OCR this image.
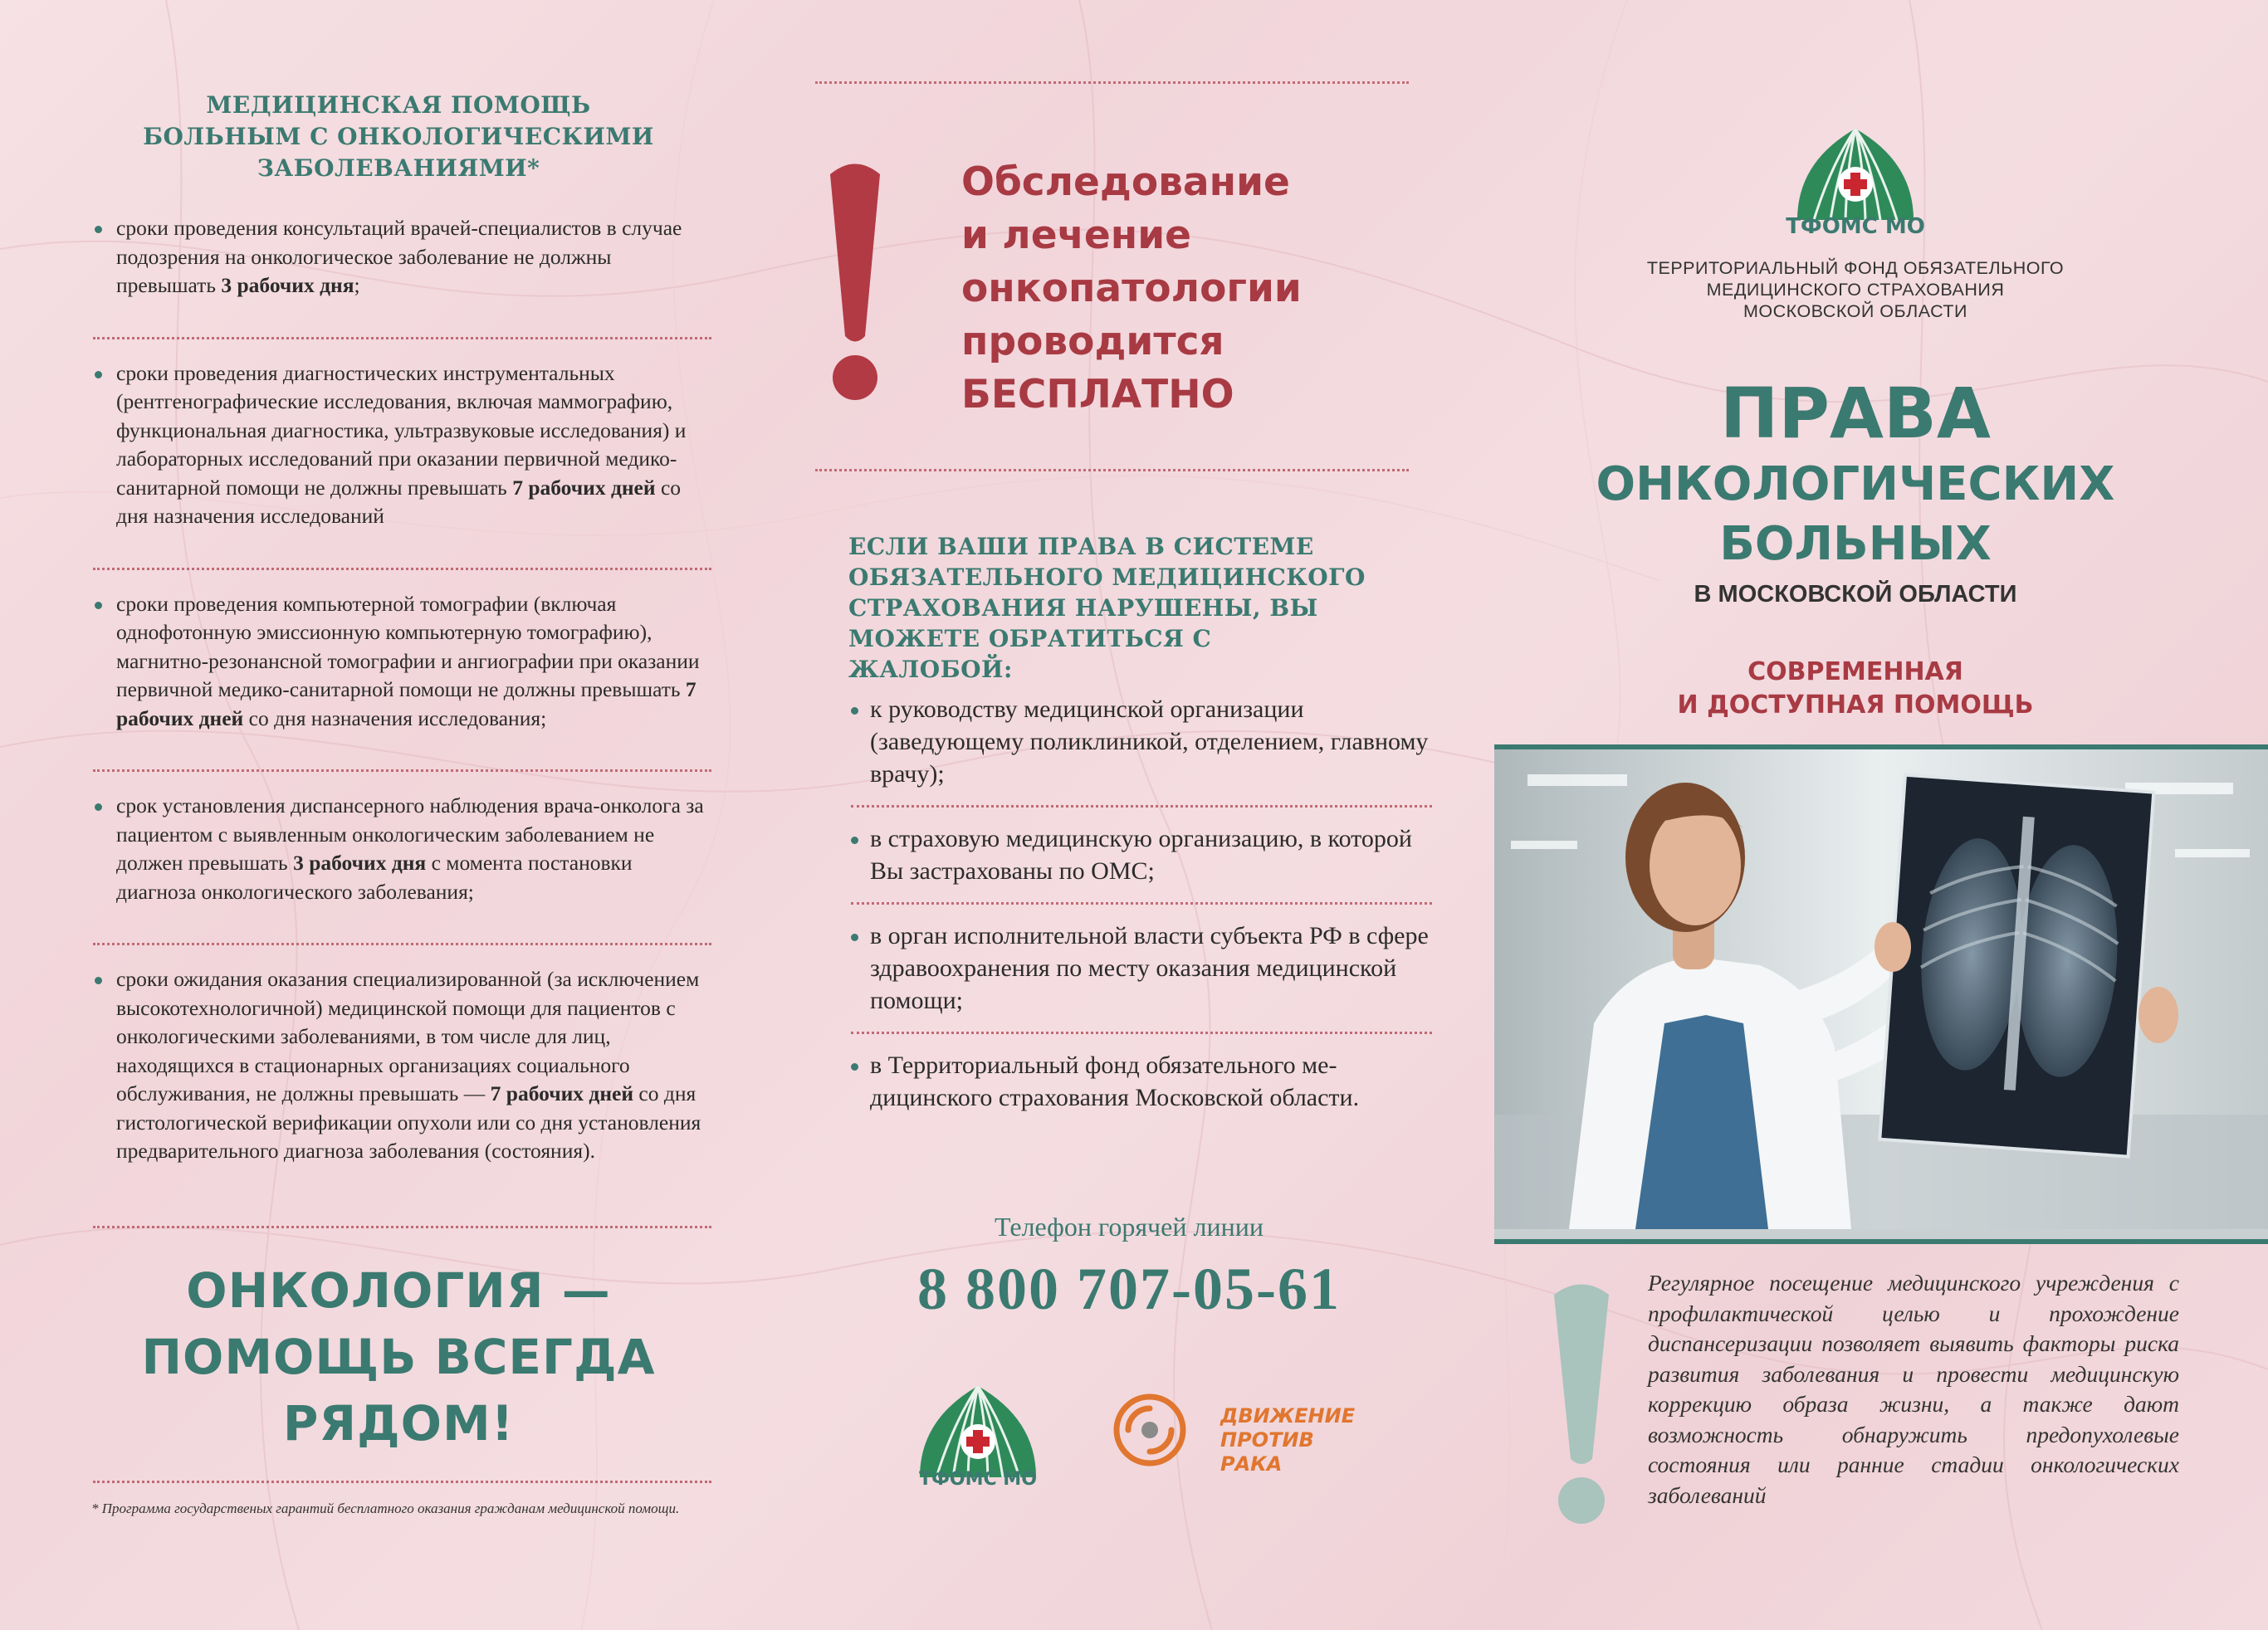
МЕДИЦИНСКАЯ ПОМОЩЬ
БОЛЬНЫМ С ОНКОЛОГИЧЕСКИМИ
ЗАБОЛЕВАНИЯМИ*
сроки проведения консультаций врачей-специалистов в случае подозрения на онкологическое заболевание не должны превышать 3 рабочих дня;
сроки проведения диагностических инструментальных (рентгенографические исследования, включая маммографию, функциональная диагностика, ультразвуковые исследования) и лабораторных исследований при оказании первичной медико-санитарной помощи не должны превышать 7 рабочих дней со дня назначения исследований
сроки проведения компьютерной томографии (включая однофотонную эмиссионную компьютерную томографию), магнитно-резонансной томографии и ангиографии при оказании первичной медико-санитарной помощи не должны превышать 7 рабочих дней со дня назначения исследования;
срок установления диспансерного наблюдения врача-онколога за пациентом с выявленным онкологическим заболеванием не должен превышать 3 рабочих дня с момента постановки диагноза онкологического заболевания;
сроки ожидания оказания специализированной (за исключением высокотехнологичной) медицинской помощи для пациентов с онкологическими заболеваниями, в том числе для лиц, находящихся в стационарных организациях социального обслуживания, не должны превышать — 7 рабочих дней со дня гистологической верификации опухоли или со дня установления предварительного диагноза заболевания (состояния).
ОНКОЛОГИЯ —
ПОМОЩЬ ВСЕГДА
РЯДОМ!
* Программа государственых гарантий бесплатного оказания гражданам медицинской помощи.
Обследование
и лечение
онкопатологии
проводится
БЕСПЛАТНО
ЕСЛИ ВАШИ ПРАВА В СИСТЕМЕ
ОБЯЗАТЕЛЬНОГО МЕДИЦИНСКОГО
СТРАХОВАНИЯ НАРУШЕНЫ, ВЫ
МОЖЕТЕ ОБРАТИТЬСЯ С ЖАЛОБОЙ:
к руководству медицинской организации (заведующему поликлиникой, отделением, главному врачу);
в страховую медицинскую организацию, в которой Вы застрахованы по ОМС;
в орган исполнительной власти субъекта РФ в сфере здравоохранения по месту оказания медицинской помощи;
в Территориальный фонд обязательного медицинского страхования Московской области.
Телефон горячей линии
8 800 707-05-61
ТФОМС МО
ДВИЖЕНИЕ
ПРОТИВ
РАКА
ТФОМС МО
ТЕРРИТОРИАЛЬНЫЙ ФОНД ОБЯЗАТЕЛЬНОГО
МЕДИЦИНСКОГО СТРАХОВАНИЯ
МОСКОВСКОЙ ОБЛАСТИ
ПРАВА
ОНКОЛОГИЧЕСКИХ
БОЛЬНЫХ
В МОСКОВСКОЙ ОБЛАСТИ
СОВРЕМЕННАЯ
И ДОСТУПНАЯ ПОМОЩЬ
Регулярное посещение медицинского учреждения с профилактической целью и прохождение диспансеризации позволяет выявить факторы риска развития заболевания и провести медицинскую коррекцию образа жизни, а также дают возможность обнаружить предопухолевые состояния или ранние стадии онкологических заболеваний
